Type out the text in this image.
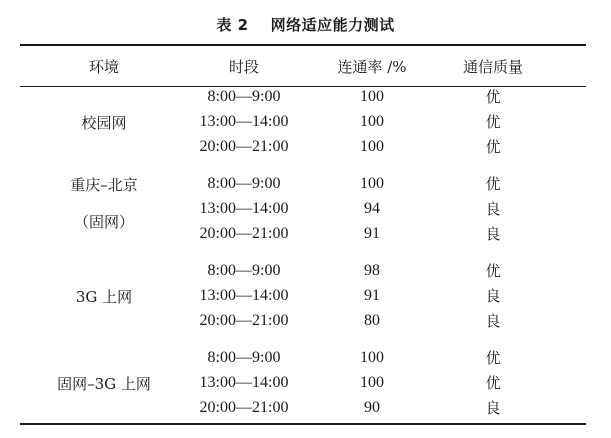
表 2 网络适应能力测试
环境	时段	连通率 /%	通信质量
校园网
8:00—9:00	100	优
13:00—14:00	100	优
20:00—21:00	100	优
重庆–北京
（固网）
8:00—9:00	100	优
13:00—14:00	94	良
20:00—21:00	91	良
3G 上网
8:00—9:00	98	优
13:00—14:00	91	良
20:00—21:00	80	良
固网–3G 上网
8:00—9:00	100	优
13:00—14:00	100	优
20:00—21:00	90	良
